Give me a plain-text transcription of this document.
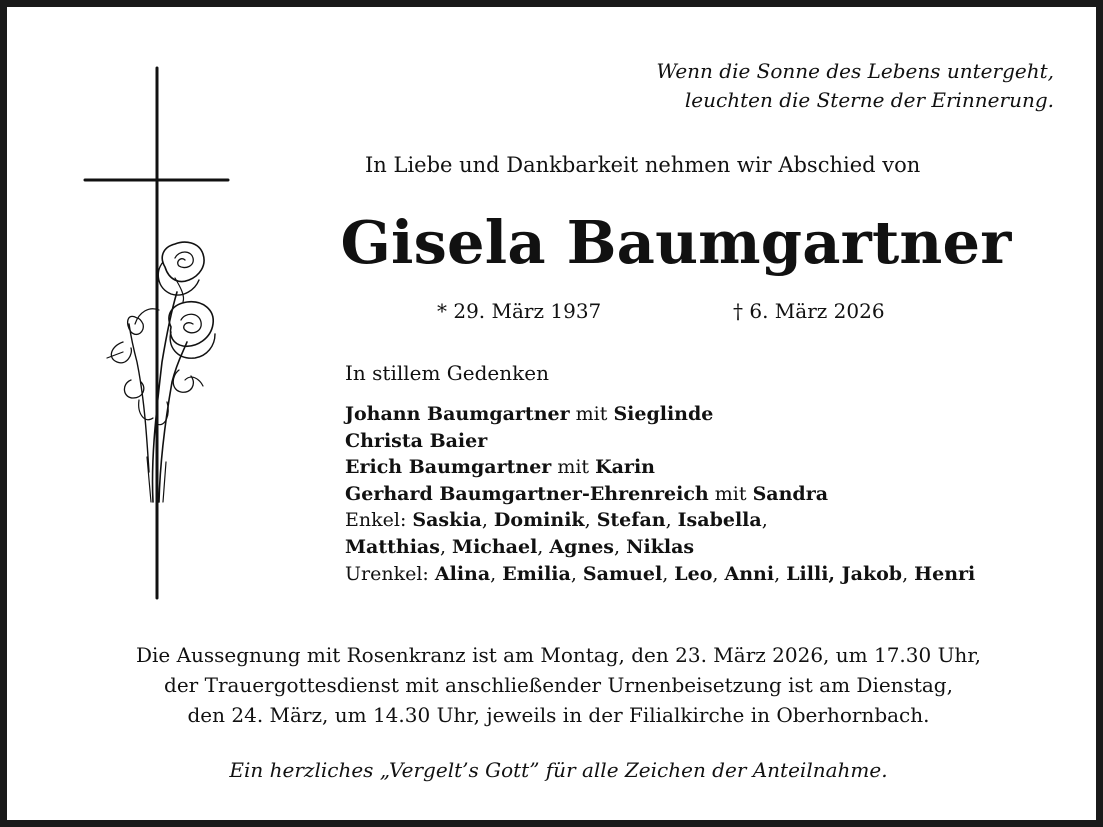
Wenn die Sonne des Lebens untergeht,
leuchten die Sterne der Erinnerung.
In Liebe und Dankbarkeit nehmen wir Abschied von
Gisela Baumgartner
* 29. März 1937	† 6. März 2026
In stillem Gedenken
Johann Baumgartner mit Sieglinde
Christa Baier
Erich Baumgartner mit Karin
Gerhard Baumgartner-Ehrenreich mit Sandra
Enkel: Saskia, Dominik, Stefan, Isabella,
Matthias, Michael, Agnes, Niklas
Urenkel: Alina, Emilia, Samuel, Leo, Anni, Lilli, Jakob, Henri
Die Aussegnung mit Rosenkranz ist am Montag, den 23. März 2026, um 17.30 Uhr,
der Trauergottesdienst mit anschließender Urnenbeisetzung ist am Dienstag,
den 24. März, um 14.30 Uhr, jeweils in der Filialkirche in Oberhornbach.
Ein herzliches „Vergelt’s Gott” für alle Zeichen der Anteilnahme.
